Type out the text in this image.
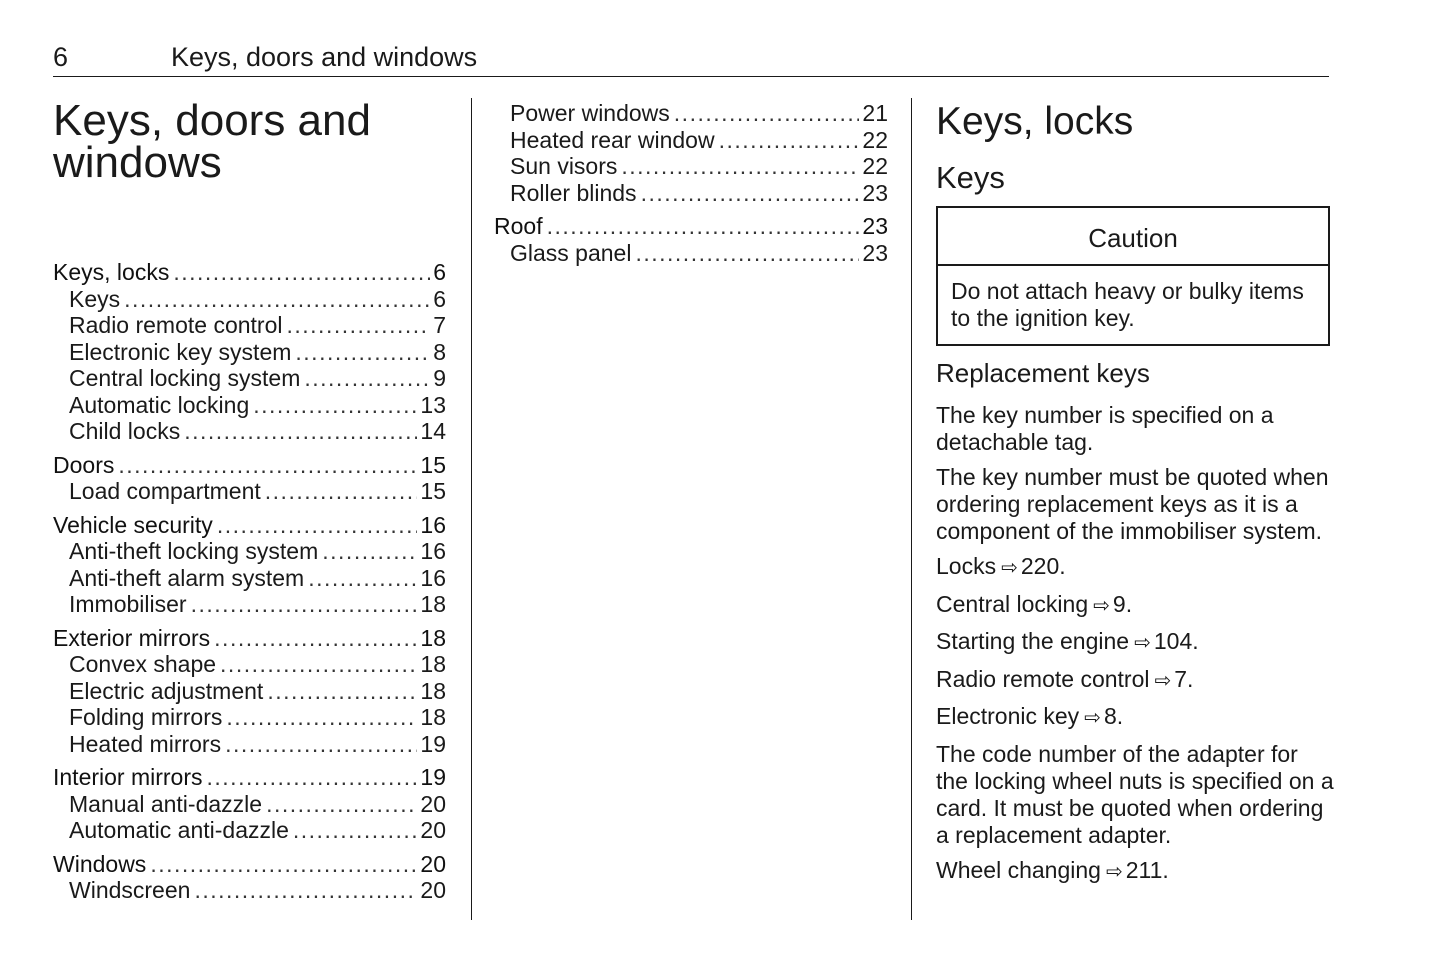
6	Keys, doors and windows
Keys, doors and windows
Keys, locks .....	6
Keys .....	6
Radio remote control .....	7
Electronic key system .....	8
Central locking system .....	9
Automatic locking .....	13
Child locks .....	14
Doors .....	15
Load compartment .....	15
Vehicle security .....	16
Anti-theft locking system .....	16
Anti-theft alarm system .....	16
Immobiliser .....	18
Exterior mirrors .....	18
Convex shape .....	18
Electric adjustment .....	18
Folding mirrors .....	18
Heated mirrors .....	19
Interior mirrors .....	19
Manual anti-dazzle .....	20
Automatic anti-dazzle .....	20
Windows .....	20
Windscreen .....	20
Power windows .....	21
Heated rear window .....	22
Sun visors .....	22
Roller blinds .....	23
Roof .....	23
Glass panel .....	23
Keys, locks
Keys
Caution
Do not attach heavy or bulky items to the ignition key.
Replacement keys

The key number is specified on a detachable tag.

The key number must be quoted when ordering replacement keys as it is a component of the immobiliser system.

Locks ⇨ 220.

Central locking ⇨ 9.

Starting the engine ⇨ 104.

Radio remote control ⇨ 7.

Electronic key ⇨ 8.

The code number of the adapter for the locking wheel nuts is specified on a card. It must be quoted when ordering a replacement adapter.

Wheel changing ⇨ 211.
